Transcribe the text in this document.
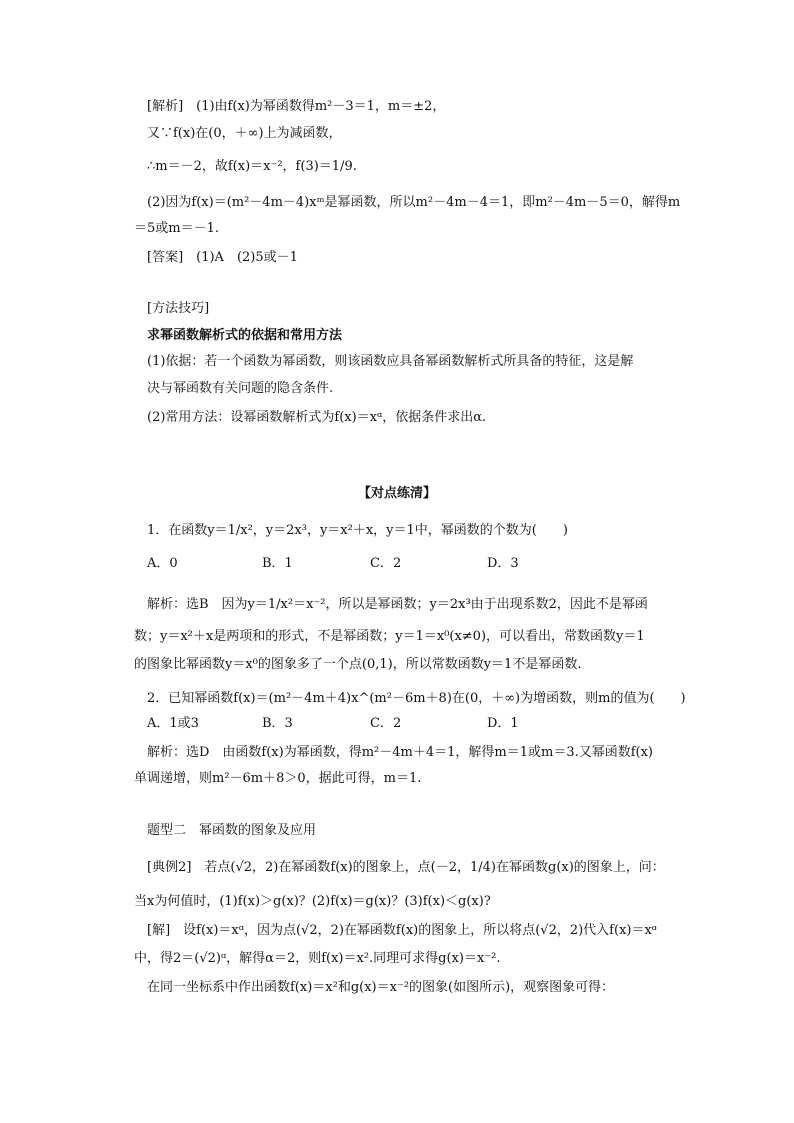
[解析]　(1)由f(x)为幂函数得m²－3＝1，m＝±2，
又∵f(x)在(0，＋∞)上为减函数，
∴m＝－2，故f(x)＝x⁻²，f(3)＝1/9.
(2)因为f(x)＝(m²－4m－4)xᵐ是幂函数，所以m²－4m－4＝1，即m²－4m－5＝0，解得m
＝5或m＝－1.
[答案]　(1)A　(2)5或－1
[方法技巧]
求幂函数解析式的依据和常用方法
(1)依据：若一个函数为幂函数，则该函数应具备幂函数解析式所具备的特征，这是解
决与幂函数有关问题的隐含条件.
(2)常用方法：设幂函数解析式为f(x)＝xᵅ，依据条件求出α.
【对点练清】
1．在函数y＝1/x²，y＝2x³，y＝x²＋x，y＝1中，幂函数的个数为(　　)
A．0	B．1	C．2	D．3
解析：选B　因为y＝1/x²＝x⁻²，所以是幂函数；y＝2x³由于出现系数2，因此不是幂函
数；y＝x²＋x是两项和的形式，不是幂函数；y＝1＝x⁰(x≠0)，可以看出，常数函数y＝1
的图象比幂函数y＝x⁰的图象多了一个点(0,1)，所以常数函数y＝1不是幂函数.
2．已知幂函数f(x)＝(m²－4m＋4)x^(m²－6m＋8)在(0，＋∞)为增函数，则m的值为(　　)
A．1或3	B．3	C．2	D．1
解析：选D　由函数f(x)为幂函数，得m²－4m＋4＝1，解得m＝1或m＝3.又幂函数f(x)
单调递增，则m²－6m＋8＞0，据此可得，m＝1.
题型二　幂函数的图象及应用
[典例2]　若点(√2，2)在幂函数f(x)的图象上，点(－2，1/4)在幂函数g(x)的图象上，问：
当x为何值时，(1)f(x)＞g(x)？(2)f(x)＝g(x)？(3)f(x)＜g(x)?
[解]　设f(x)＝xᵅ，因为点(√2，2)在幂函数f(x)的图象上，所以将点(√2，2)代入f(x)＝xᵅ
中，得2＝(√2)ᵅ，解得α＝2，则f(x)＝x².同理可求得g(x)＝x⁻².
在同一坐标系中作出函数f(x)＝x²和g(x)＝x⁻²的图象(如图所示)，观察图象可得：
